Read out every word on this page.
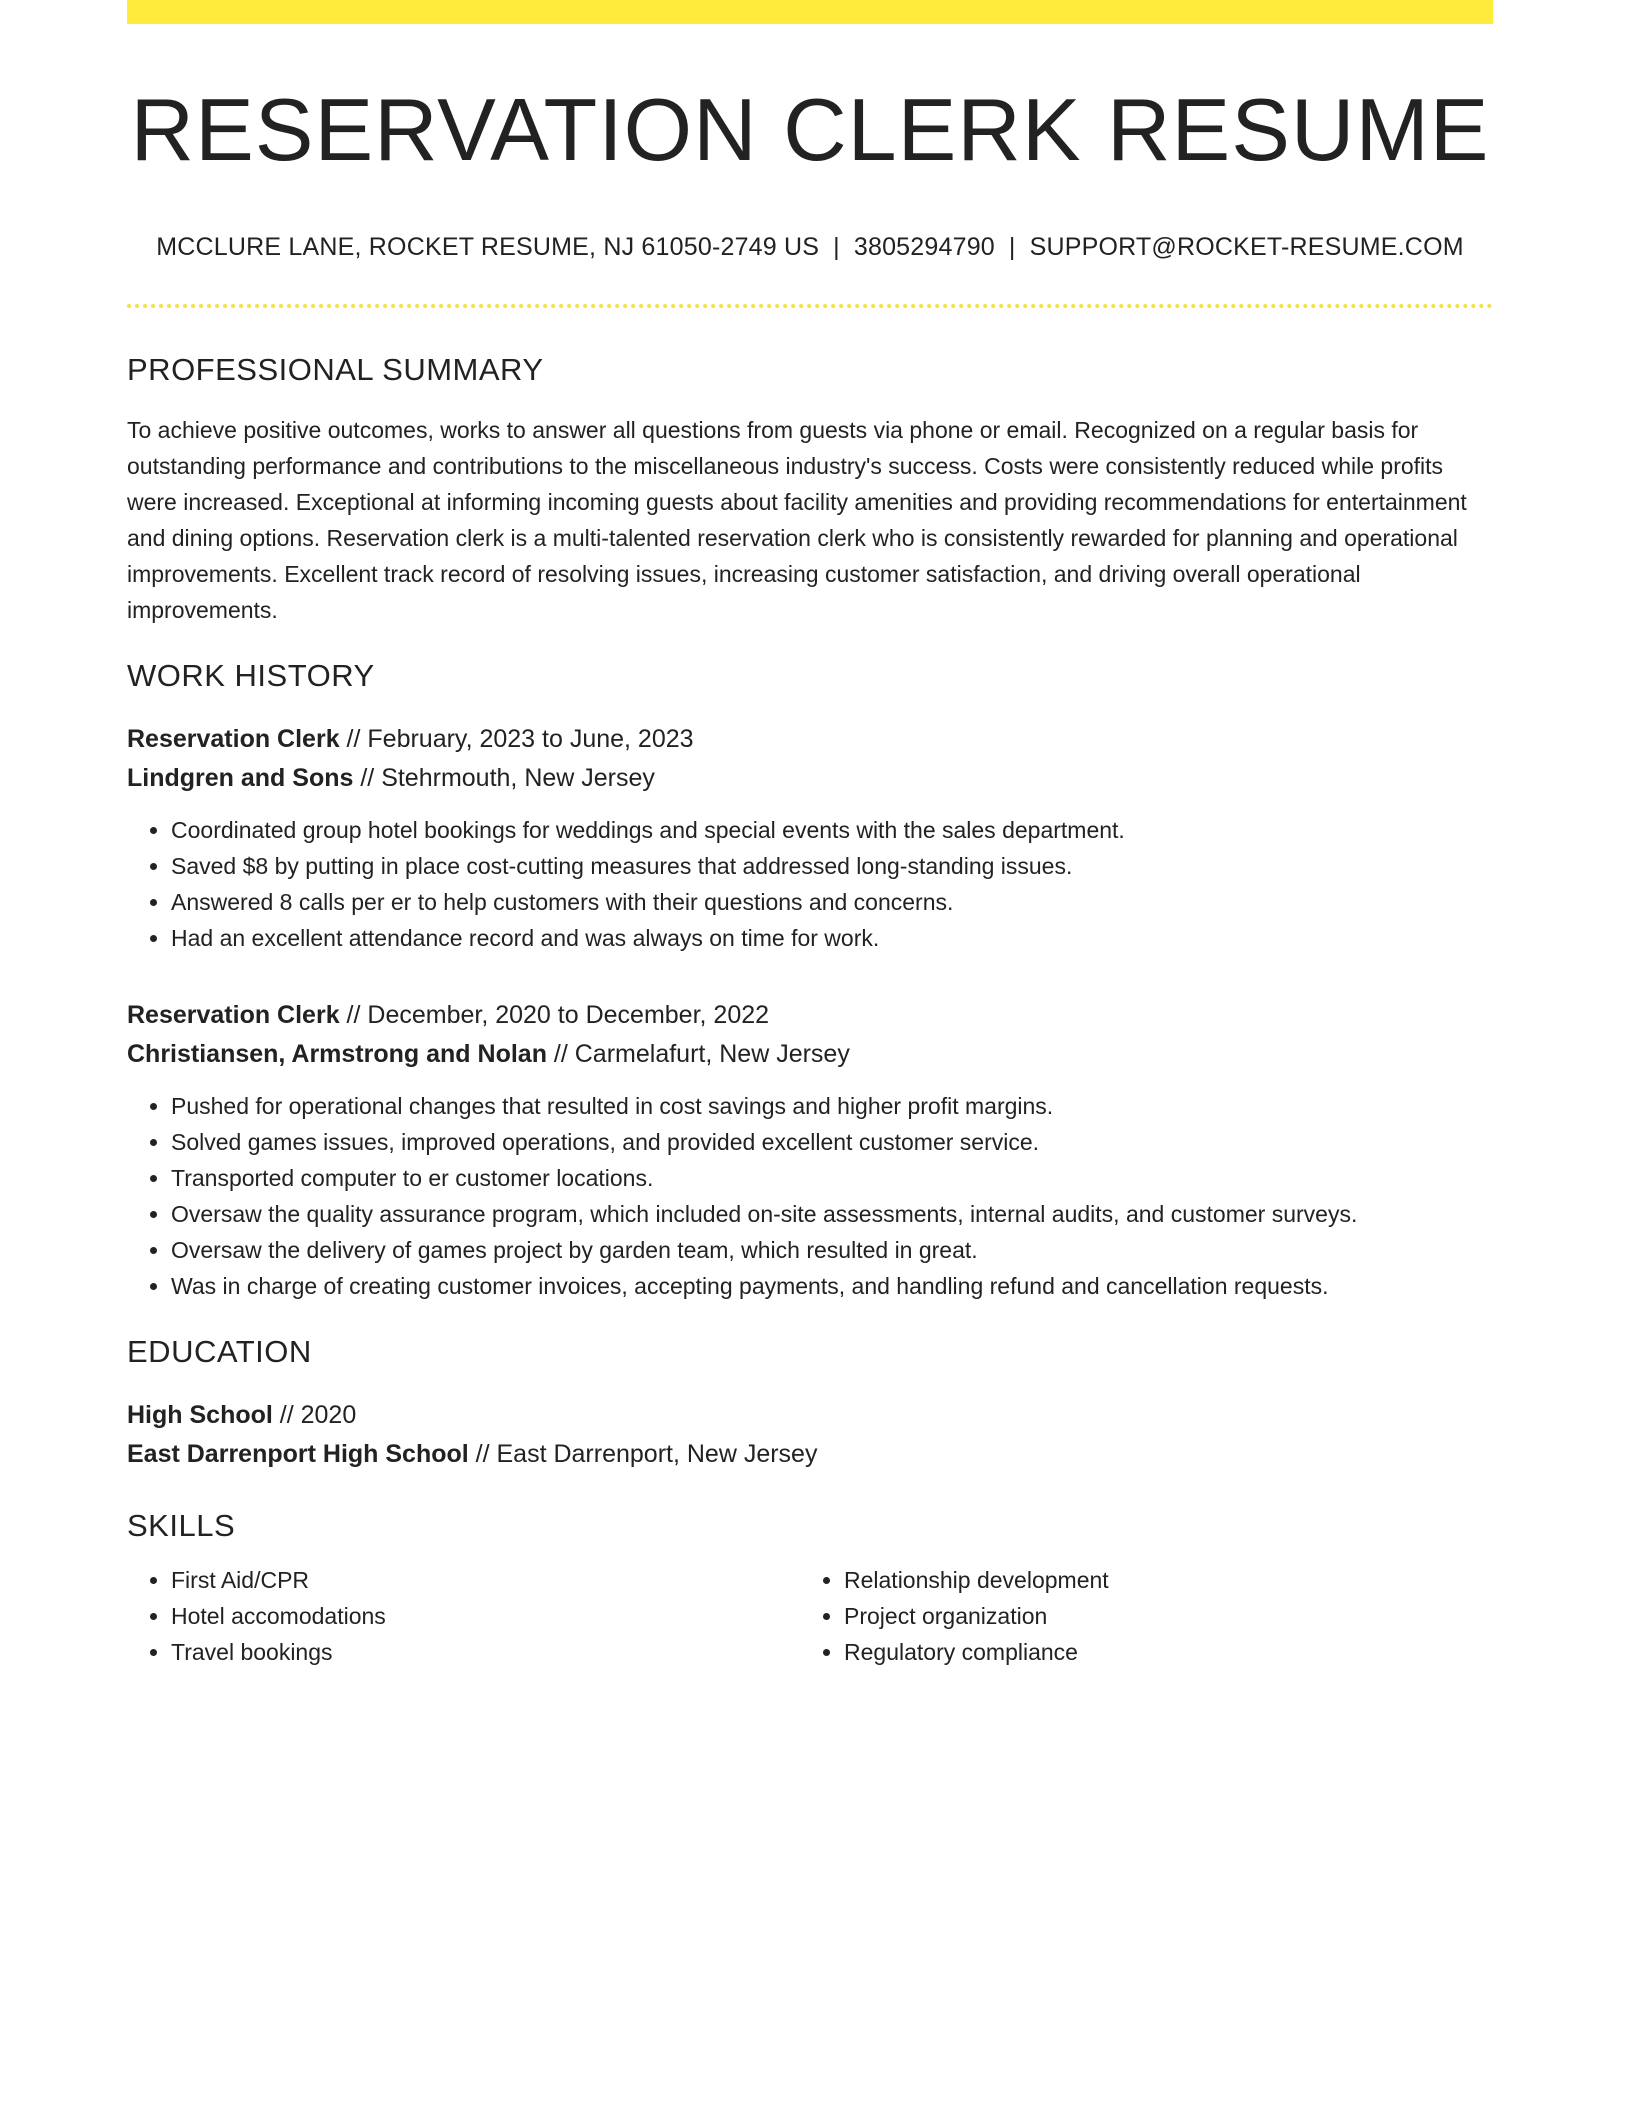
RESERVATION CLERK RESUME
MCCLURE LANE, ROCKET RESUME, NJ 61050-2749 US | 3805294790 | SUPPORT@ROCKET-RESUME.COM
PROFESSIONAL SUMMARY
To achieve positive outcomes, works to answer all questions from guests via phone or email. Recognized on a regular basis for outstanding performance and contributions to the miscellaneous industry's success. Costs were consistently reduced while profits were increased. Exceptional at informing incoming guests about facility amenities and providing recommendations for entertainment and dining options. Reservation clerk is a multi-talented reservation clerk who is consistently rewarded for planning and operational improvements. Excellent track record of resolving issues, increasing customer satisfaction, and driving overall operational improvements.
WORK HISTORY
Reservation Clerk // February, 2023 to June, 2023
Lindgren and Sons // Stehrmouth, New Jersey
• Coordinated group hotel bookings for weddings and special events with the sales department.
• Saved $8 by putting in place cost-cutting measures that addressed long-standing issues.
• Answered 8 calls per er to help customers with their questions and concerns.
• Had an excellent attendance record and was always on time for work.
Reservation Clerk // December, 2020 to December, 2022
Christiansen, Armstrong and Nolan // Carmelafurt, New Jersey
• Pushed for operational changes that resulted in cost savings and higher profit margins.
• Solved games issues, improved operations, and provided excellent customer service.
• Transported computer to er customer locations.
• Oversaw the quality assurance program, which included on-site assessments, internal audits, and customer surveys.
• Oversaw the delivery of games project by garden team, which resulted in great.
• Was in charge of creating customer invoices, accepting payments, and handling refund and cancellation requests.
EDUCATION
High School // 2020
East Darrenport High School // East Darrenport, New Jersey
SKILLS
• First Aid/CPR
• Hotel accomodations
• Travel bookings
• Relationship development
• Project organization
• Regulatory compliance
